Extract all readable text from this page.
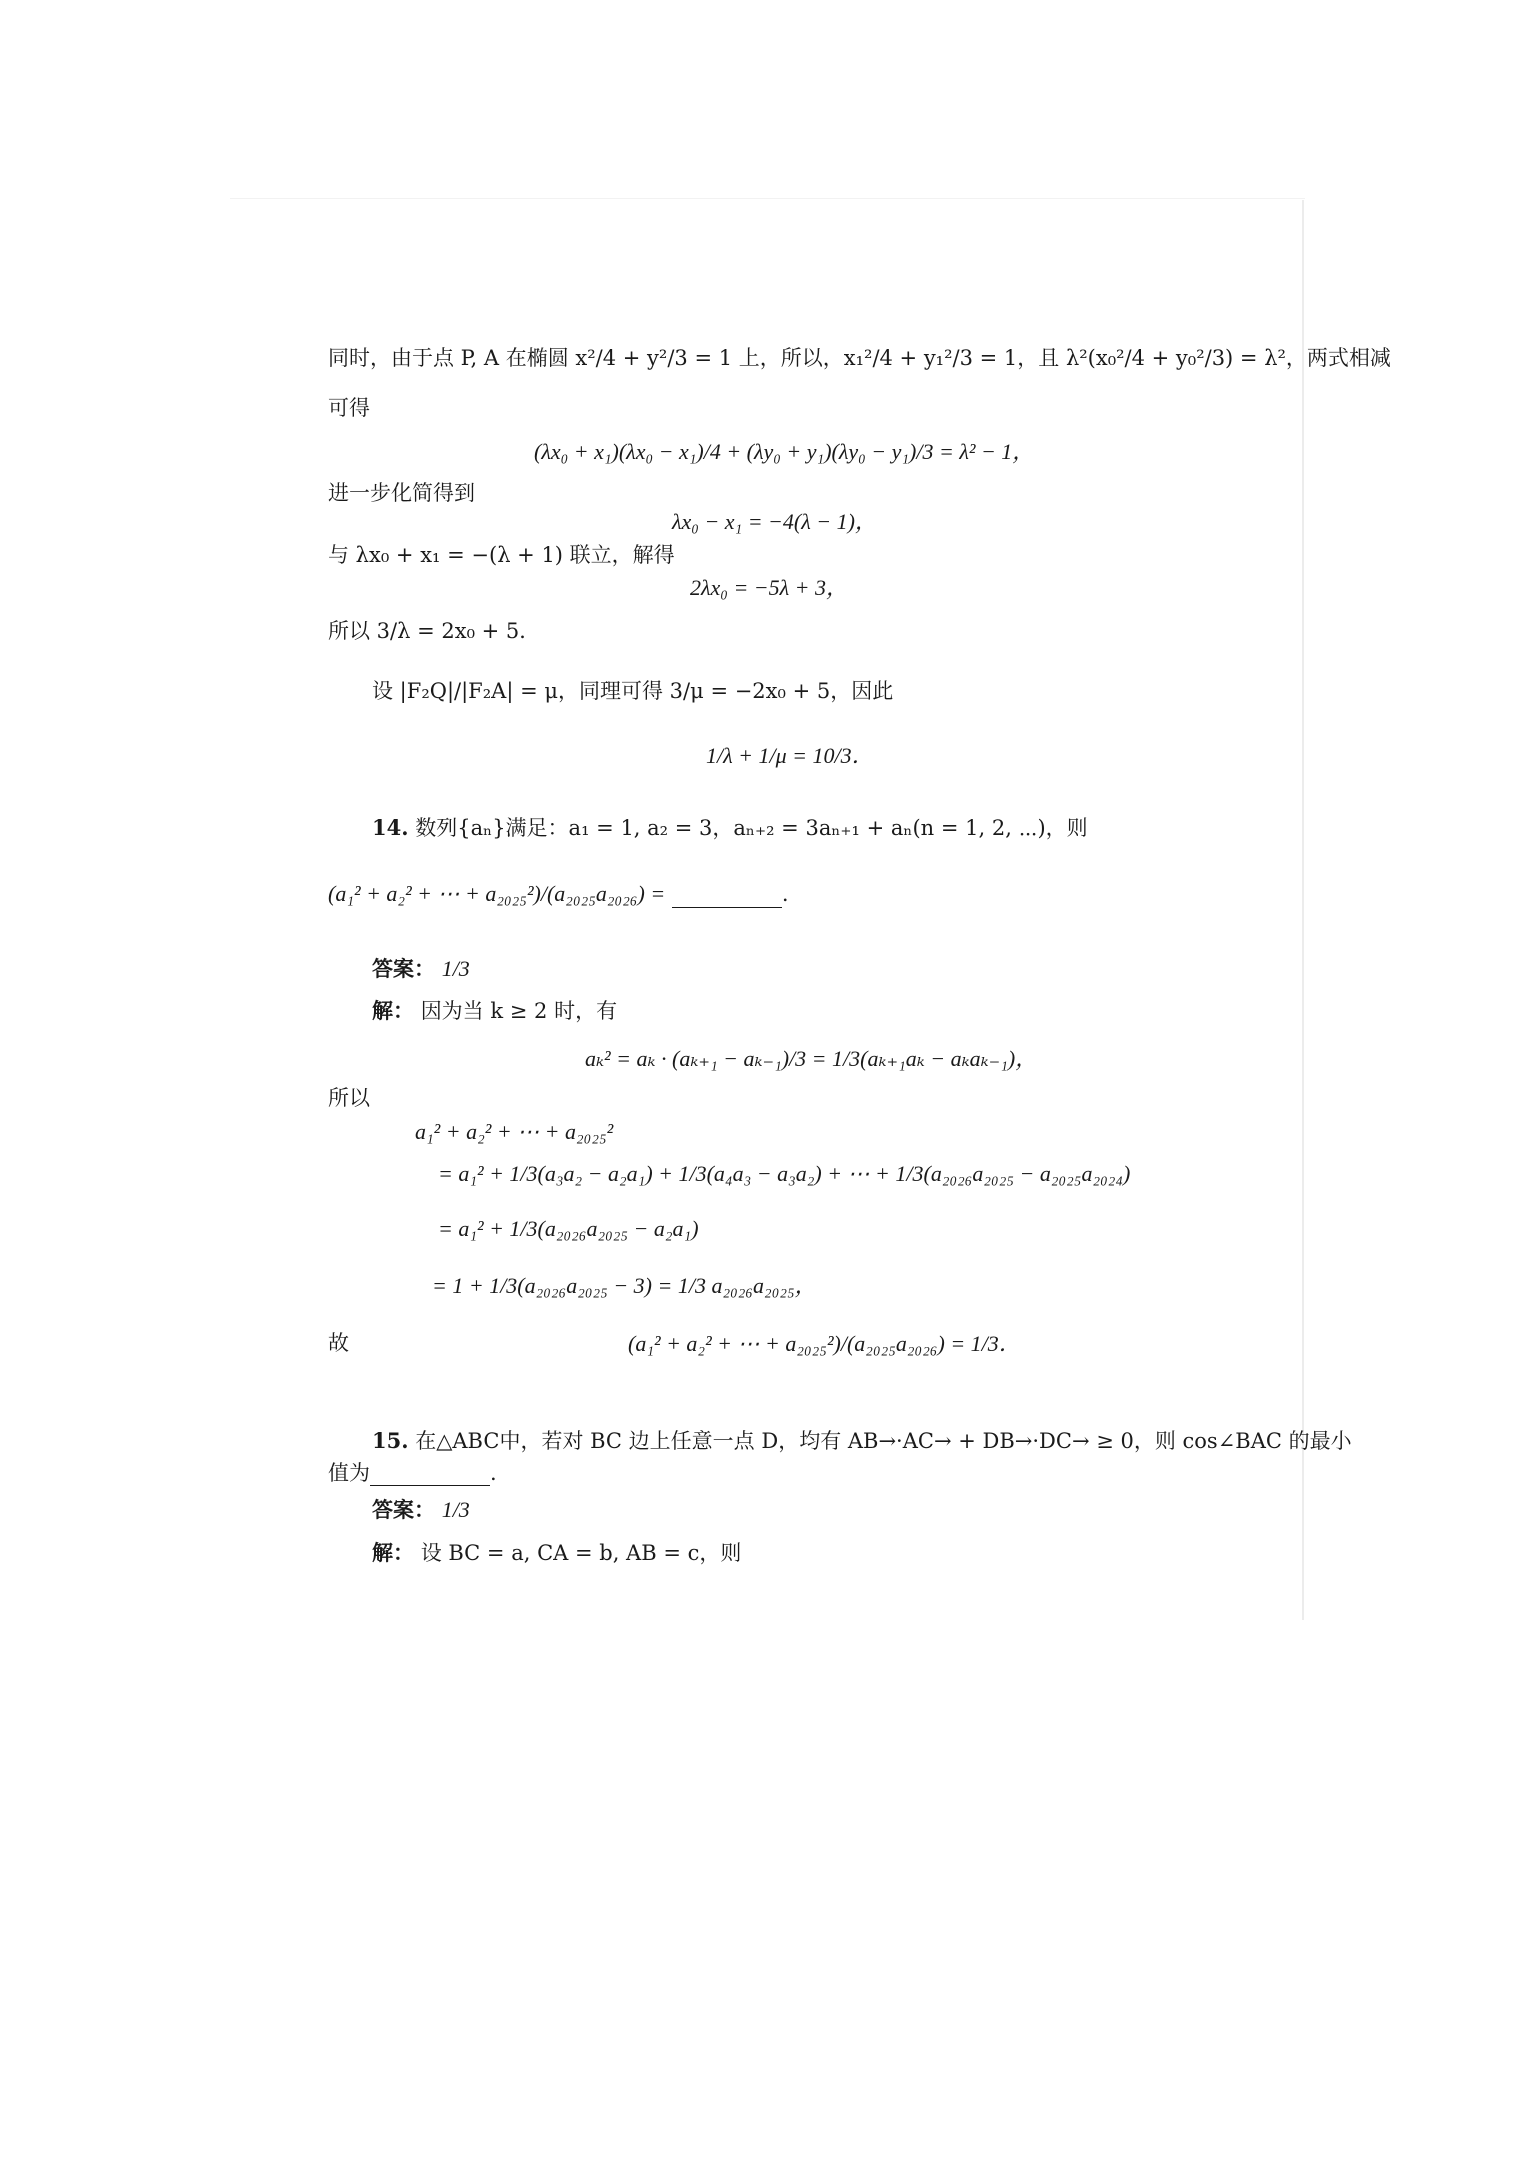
同时，由于点 P, A 在椭圆 x²/4 + y²/3 = 1 上，所以，x₁²/4 + y₁²/3 = 1，且 λ²(x₀²/4 + y₀²/3) = λ²，两式相减
可得
(λx₀ + x₁)(λx₀ − x₁)/4 + (λy₀ + y₁)(λy₀ − y₁)/3 = λ² − 1，
进一步化简得到
λx₀ − x₁ = −4(λ − 1)，
与 λx₀ + x₁ = −(λ + 1) 联立，解得
2λx₀ = −5λ + 3，
所以 3/λ = 2x₀ + 5．
设 |F₂Q|/|F₂A| = μ，同理可得 3/μ = −2x₀ + 5，因此
1/λ + 1/μ = 10/3．
14. 数列{aₙ}满足：a₁ = 1, a₂ = 3，aₙ₊₂ = 3aₙ₊₁ + aₙ(n = 1, 2, ⋯)，则
(a₁² + a₂² + ⋯ + a₂₀₂₅²)/(a₂₀₂₅a₂₀₂₆) =	.
答案： 1/3
解： 因为当 k ≥ 2 时，有
aₖ² = aₖ · (aₖ₊₁ − aₖ₋₁)/3 = 1/3(aₖ₊₁aₖ − aₖaₖ₋₁)，
所以
a₁² + a₂² + ⋯ + a₂₀₂₅²
= a₁² + 1/3(a₃a₂ − a₂a₁) + 1/3(a₄a₃ − a₃a₂) + ⋯ + 1/3(a₂₀₂₆a₂₀₂₅ − a₂₀₂₅a₂₀₂₄)
= a₁² + 1/3(a₂₀₂₆a₂₀₂₅ − a₂a₁)
= 1 + 1/3(a₂₀₂₆a₂₀₂₅ − 3) = 1/3 a₂₀₂₆a₂₀₂₅，
故	(a₁² + a₂² + ⋯ + a₂₀₂₅²)/(a₂₀₂₅a₂₀₂₆) = 1/3．
15. 在△ABC中，若对 BC 边上任意一点 D，均有 AB→·AC→ + DB→·DC→ ≥ 0，则 cos∠BAC 的最小
值为	.
答案： 1/3
解： 设 BC = a, CA = b, AB = c，则
